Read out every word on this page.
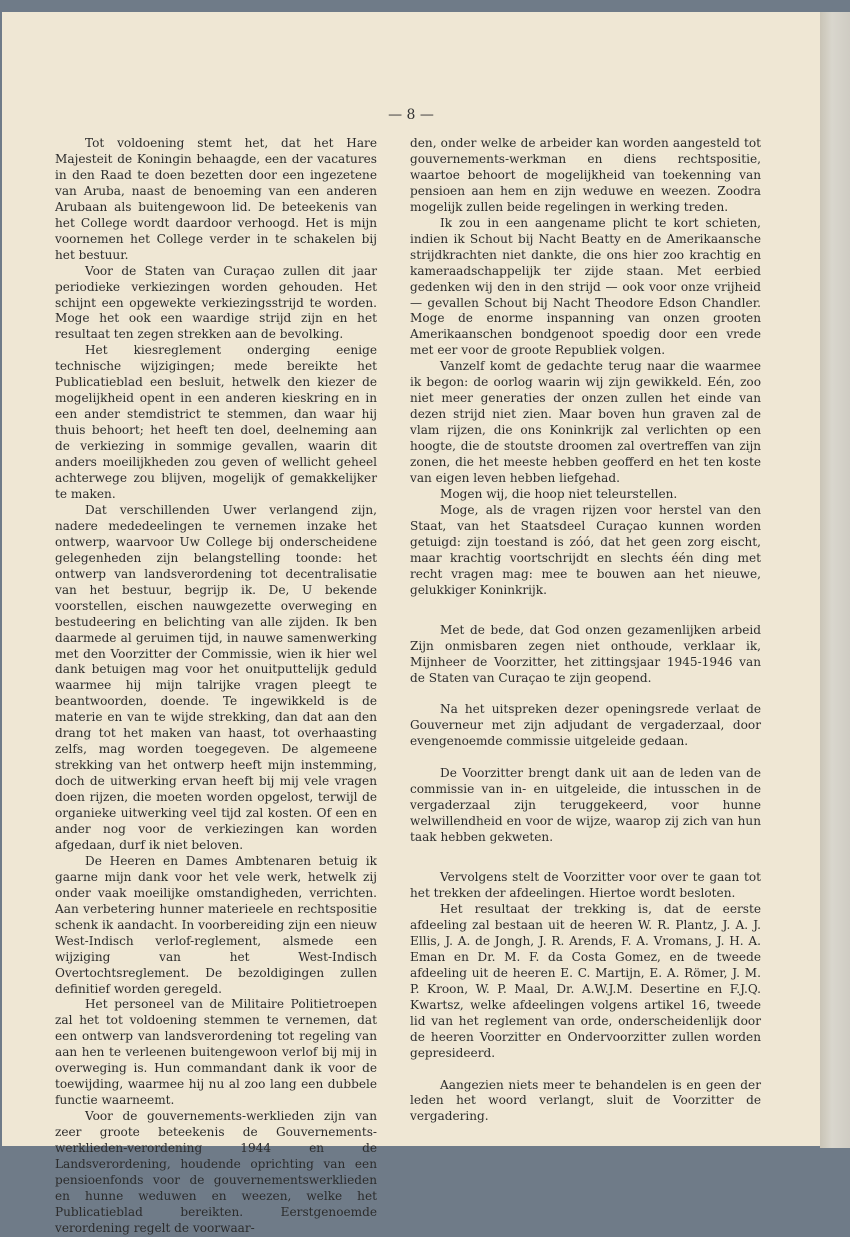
— 8 —

Tot voldoening stemt het, dat het Hare Majesteit de Koningin behaagde, een der vacatures in den Raad te doen bezetten door een ingezetene van Aruba, naast de benoeming van een anderen Arubaan als buitengewoon lid. De beteekenis van het College wordt daardoor verhoogd. Het is mijn voornemen het College verder in te schakelen bij het bestuur.

Voor de Staten van Curaçao zullen dit jaar periodieke verkiezingen worden gehouden. Het schijnt een opgewekte verkiezingsstrijd te worden. Moge het ook een waardige strijd zijn en het resultaat ten zegen strekken aan de bevolking.

Het kiesreglement onderging eenige technische wijzigingen; mede bereikte het Publicatieblad een besluit, hetwelk den kiezer de mogelijkheid opent in een anderen kieskring en in een ander stemdistrict te stemmen, dan waar hij thuis behoort; het heeft ten doel, deelneming aan de verkiezing in sommige gevallen, waarin dit anders moeilijkheden zou geven of wellicht geheel achterwege zou blijven, mogelijk of gemakkelijker te maken.

Dat verschillenden Uwer verlangend zijn, nadere mededeelingen te vernemen inzake het ontwerp, waarvoor Uw College bij onderscheidene gelegenheden zijn belangstelling toonde: het ontwerp van landsverordening tot decentralisatie van het bestuur, begrijp ik. De, U bekende voorstellen, eischen nauwgezette overweging en bestudeering en belichting van alle zijden. Ik ben daarmede al geruimen tijd, in nauwe samenwerking met den Voorzitter der Commissie, wien ik hier wel dank betuigen mag voor het onuitputtelijk geduld waarmee hij mijn talrijke vragen pleegt te beantwoorden, doende. Te ingewikkeld is de materie en van te wijde strekking, dan dat aan den drang tot het maken van haast, tot overhaasting zelfs, mag worden toegegeven. De algemeene strekking van het ontwerp heeft mijn instemming, doch de uitwerking ervan heeft bij mij vele vragen doen rijzen, die moeten worden opgelost, terwijl de organieke uitwerking veel tijd zal kosten. Of een en ander nog voor de verkiezingen kan worden afgedaan, durf ik niet beloven.

De Heeren en Dames Ambtenaren betuig ik gaarne mijn dank voor het vele werk, hetwelk zij onder vaak moeilijke omstandigheden, verrichten. Aan verbetering hunner materieele en rechtspositie schenk ik aandacht. In voorbereiding zijn een nieuw West-Indisch verlof-reglement, alsmede een wijziging van het West-Indisch Overtochtsreglement. De bezoldigingen zullen definitief worden geregeld.

Het personeel van de Militaire Politietroepen zal het tot voldoening stemmen te vernemen, dat een ontwerp van landsverordening tot regeling van aan hen te verleenen buitengewoon verlof bij mij in overweging is. Hun commandant dank ik voor de toewijding, waarmee hij nu al zoo lang een dubbele functie waarneemt.

Voor de gouvernements-werklieden zijn van zeer groote beteekenis de Gouvernements-werklieden-verordening 1944 en de Landsverordening, houdende oprichting van een pensioenfonds voor de gouvernementswerklieden en hunne weduwen en weezen, welke het Publicatieblad bereikten. Eerstgenoemde verordening regelt de voorwaar-

den, onder welke de arbeider kan worden aangesteld tot gouvernements-werkman en diens rechtspositie, waartoe behoort de mogelijkheid van toekenning van pensioen aan hem en zijn weduwe en weezen. Zoodra mogelijk zullen beide regelingen in werking treden.

Ik zou in een aangename plicht te kort schieten, indien ik Schout bij Nacht Beatty en de Amerikaansche strijdkrachten niet dankte, die ons hier zoo krachtig en kameraadschappelijk ter zijde staan. Met eerbied gedenken wij den in den strijd — ook voor onze vrijheid — gevallen Schout bij Nacht Theodore Edson Chandler. Moge de enorme inspanning van onzen grooten Amerikaanschen bondgenoot spoedig door een vrede met eer voor de groote Republiek volgen.

Vanzelf komt de gedachte terug naar die waarmee ik begon: de oorlog waarin wij zijn gewikkeld. Eén, zoo niet meer generaties der onzen zullen het einde van dezen strijd niet zien. Maar boven hun graven zal de vlam rijzen, die ons Koninkrijk zal verlichten op een hoogte, die de stoutste droomen zal overtreffen van zijn zonen, die het meeste hebben geofferd en het ten koste van eigen leven hebben liefgehad.

Mogen wij, die hoop niet teleurstellen.

Moge, als de vragen rijzen voor herstel van den Staat, van het Staatsdeel Curaçao kunnen worden getuigd: zijn toestand is zóó, dat het geen zorg eischt, maar krachtig voortschrijdt en slechts één ding met recht vragen mag: mee te bouwen aan het nieuwe, gelukkiger Koninkrijk.

Met de bede, dat God onzen gezamenlijken arbeid Zijn onmisbaren zegen niet onthoude, verklaar ik, Mijnheer de Voorzitter, het zittingsjaar 1945-1946 van de Staten van Curaçao te zijn geopend.

Na het uitspreken dezer openingsrede verlaat de Gouverneur met zijn adjudant de vergaderzaal, door evengenoemde commissie uitgeleide gedaan.

De Voorzitter brengt dank uit aan de leden van de commissie van in- en uitgeleide, die intusschen in de vergaderzaal zijn teruggekeerd, voor hunne welwillendheid en voor de wijze, waarop zij zich van hun taak hebben gekweten.

Vervolgens stelt de Voorzitter voor over te gaan tot het trekken der afdeelingen. Hiertoe wordt besloten.

Het resultaat der trekking is, dat de eerste afdeeling zal bestaan uit de heeren W. R. Plantz, J. A. J. Ellis, J. A. de Jongh, J. R. Arends, F. A. Vromans, J. H. A. Eman en Dr. M. F. da Costa Gomez, en de tweede afdeeling uit de heeren E. C. Martijn, E. A. Römer, J. M. P. Kroon, W. P. Maal, Dr. A.W.J.M. Desertine en F.J.Q. Kwartsz, welke afdeelingen volgens artikel 16, tweede lid van het reglement van orde, onderscheidenlijk door de heeren Voorzitter en Ondervoorzitter zullen worden gepresideerd.

Aangezien niets meer te behandelen is en geen der leden het woord verlangt, sluit de Voorzitter de vergadering.
